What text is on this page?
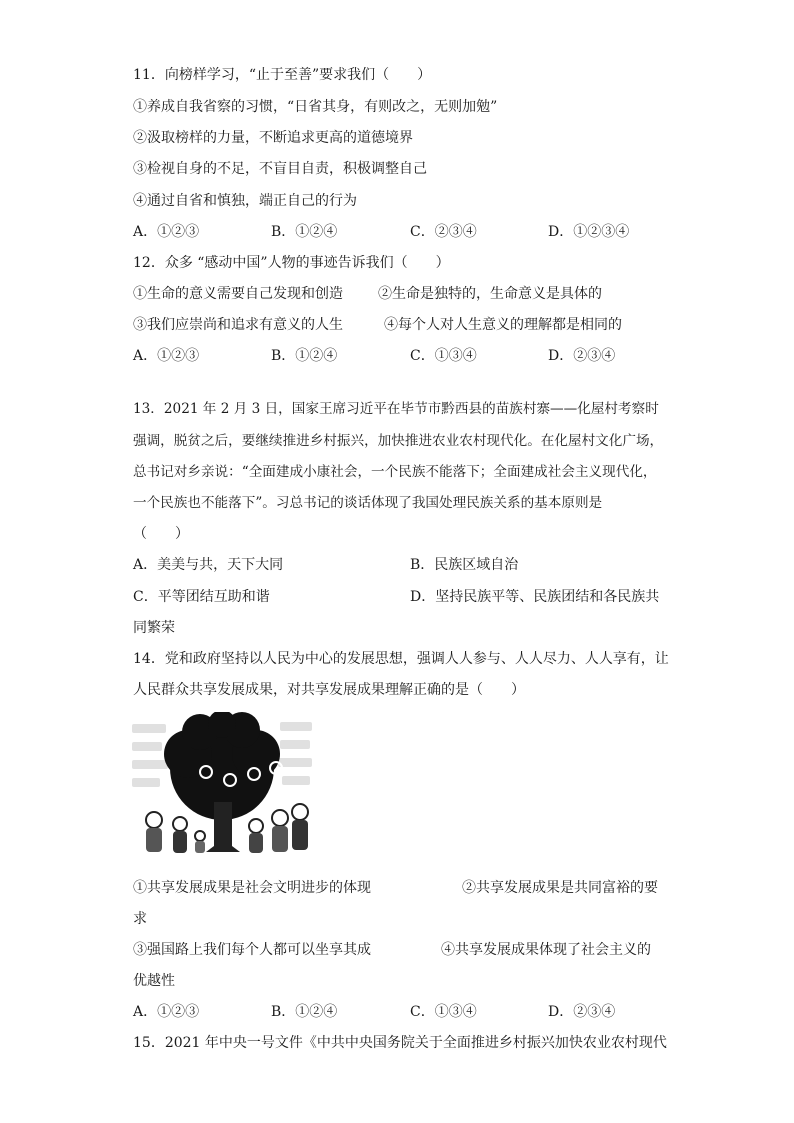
11．向榜样学习，“止于至善”要求我们（　　）
①养成自我省察的习惯，“日省其身，有则改之，无则加勉”
②汲取榜样的力量，不断追求更高的道德境界
③检视自身的不足，不盲目自责，积极调整自己
④通过自省和慎独，端正自己的行为
A．①②③	B．①②④	C．②③④	D．①②③④
12．众多 “感动中国”人物的事迹告诉我们（　　）
①生命的意义需要自己发现和创造	②生命是独特的，生命意义是具体的
③我们应崇尚和追求有意义的人生	④每个人对人生意义的理解都是相同的
A．①②③	B．①②④	C．①③④	D．②③④
13．2021 年 2 月 3 日，国家王席习近平在毕节市黔西县的苗族村寨——化屋村考察时
强调，脱贫之后，要继续推进乡村振兴，加快推进农业农村现代化。在化屋村文化广场，
总书记对乡亲说：“全面建成小康社会，一个民族不能落下；全面建成社会主义现代化，
一个民族也不能落下”。习总书记的谈话体现了我国处理民族关系的基本原则是
（　　）
A．美美与共，天下大同	B．民族区域自治
C．平等团结互助和谐	D．坚持民族平等、民族团结和各民族共
同繁荣
14．党和政府坚持以人民为中心的发展思想，强调人人参与、人人尽力、人人享有，让
人民群众共享发展成果，对共享发展成果理解正确的是（　　）
①共享发展成果是社会文明进步的体现	②共享发展成果是共同富裕的要
求
③强国路上我们每个人都可以坐享其成	④共享发展成果体现了社会主义的
优越性
A．①②③	B．①②④	C．①③④	D．②③④
15．2021 年中央一号文件《中共中央国务院关于全面推进乡村振兴加快农业农村现代
